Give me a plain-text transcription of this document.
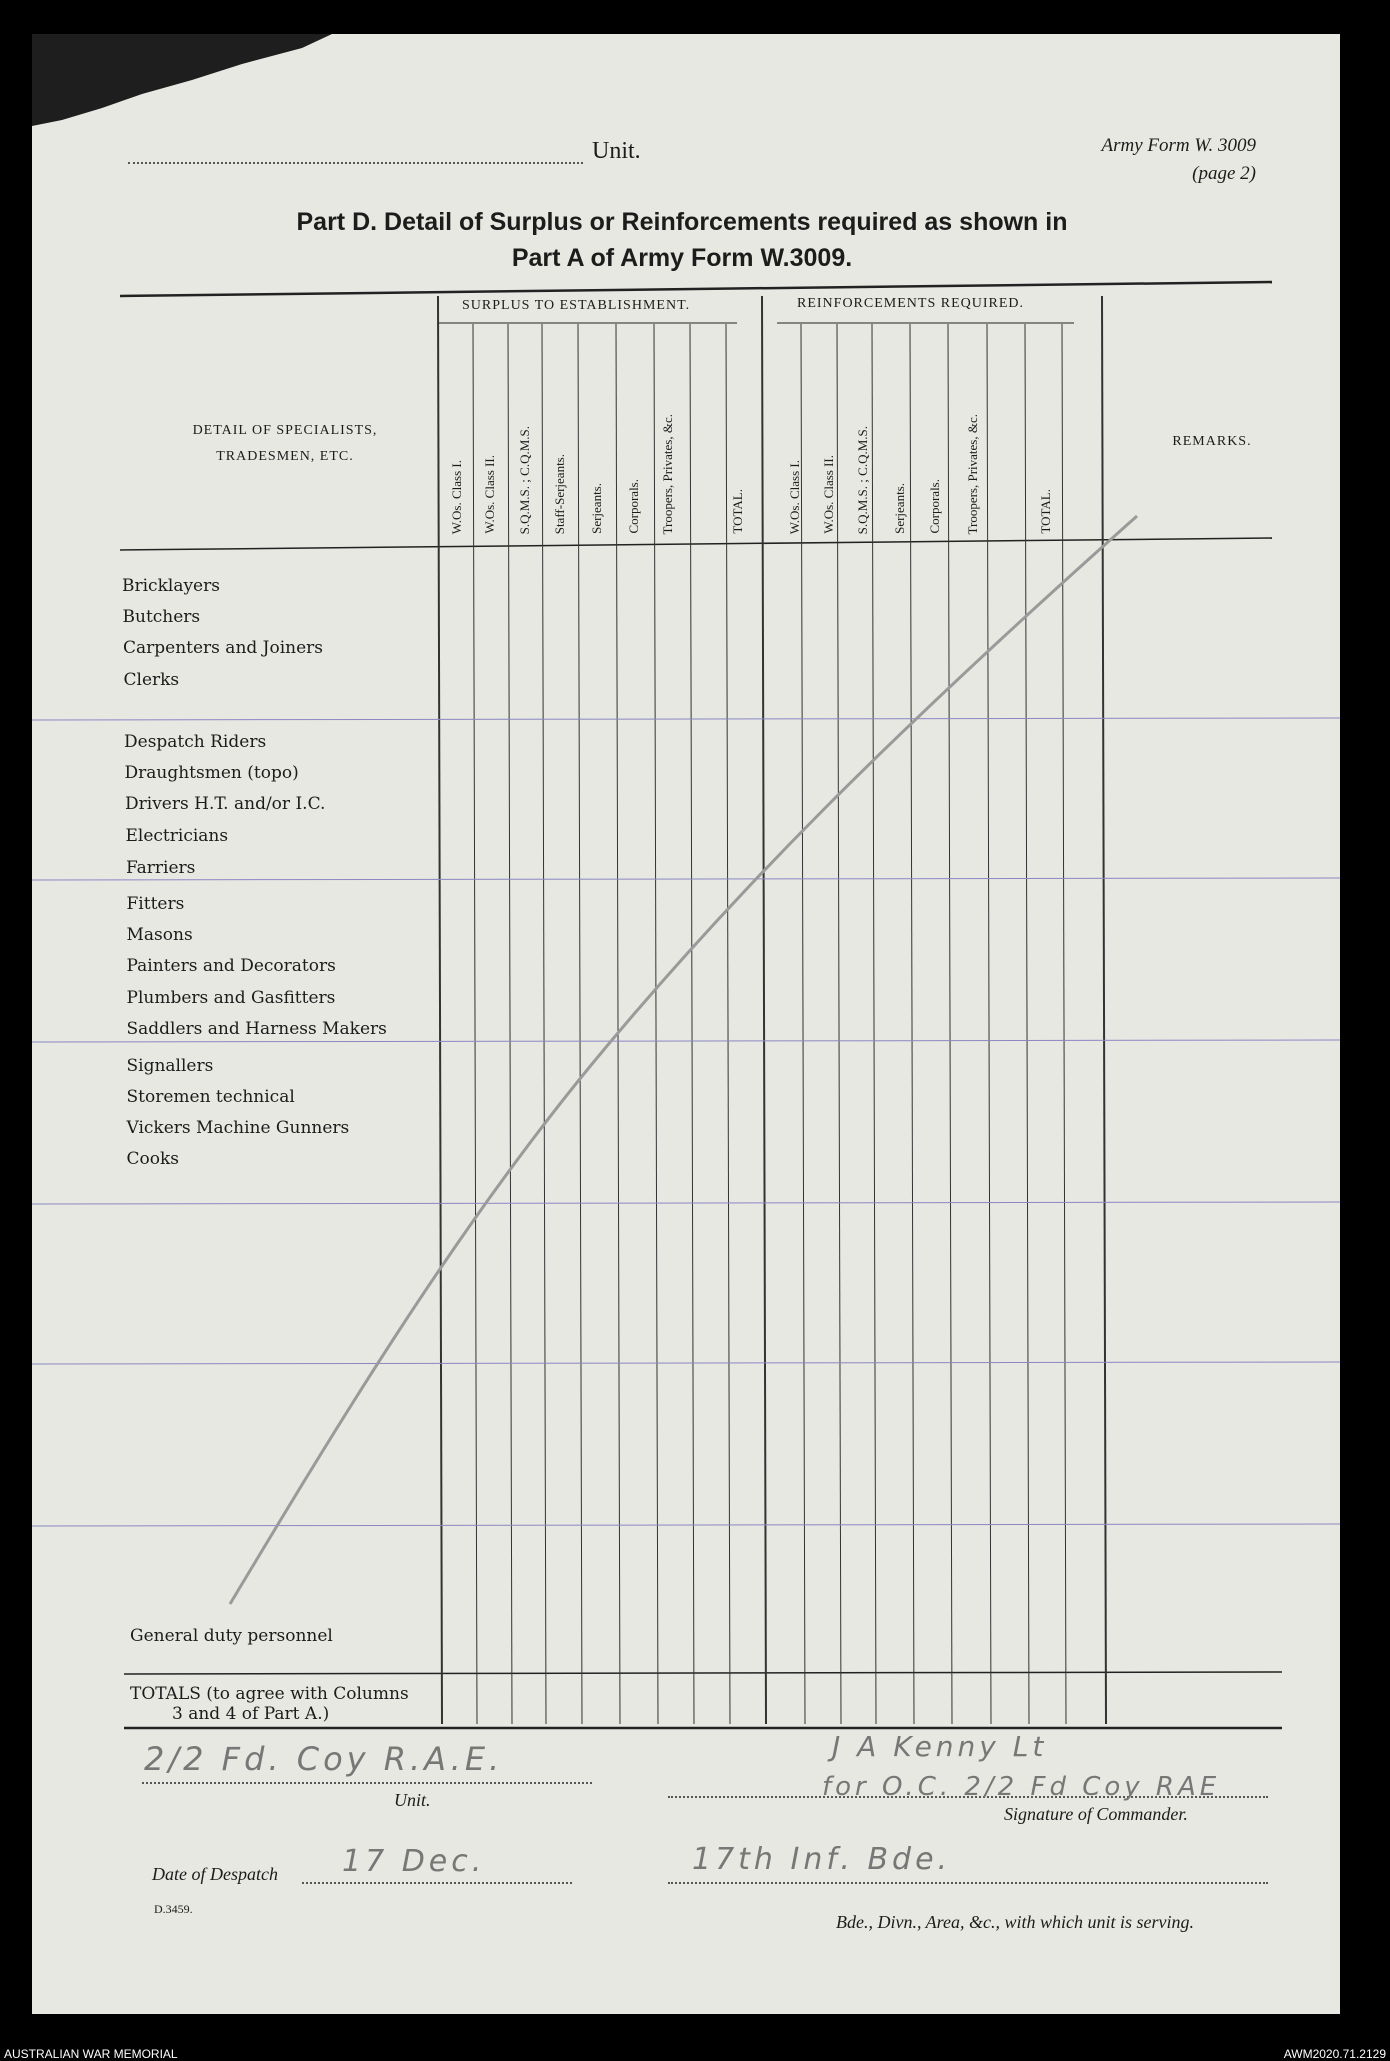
Unit.	Army Form W. 3009
(page 2)
Part D. Detail of Surplus or Reinforcements required as shown in
Part A of Army Form W.3009.
SURPLUS TO ESTABLISHMENT.	REINFORCEMENTS REQUIRED.
DETAIL OF SPECIALISTS,
TRADESMEN, ETC.
REMARKS.
W.Os. Class I. W.Os. Class II. S.Q.M.S. ; C.Q.M.S. Staff-Serjeants. Serjeants. Corporals. Troopers, Privates, &c.	TOTAL.	W.Os. Class I. W.Os. Class II. S.Q.M.S. ; C.Q.M.S. Serjeants. Corporals. Troopers, Privates, &c.	TOTAL.
Bricklayers
Butchers
Carpenters and Joiners
Clerks
Despatch Riders
Draughtsmen (topo)
Drivers H.T. and/or I.C.
Electricians
Farriers
Fitters
Masons
Painters and Decorators
Plumbers and Gasfitters
Saddlers and Harness Makers
Signallers
Storemen technical
Vickers Machine Gunners
Cooks
General duty personnel
TOTALS (to agree with Columns
3 and 4 of Part A.)
2/2 Fd. Coy R.A.E.
Unit.
J A Kenny Lt
for O.C. 2/2 Fd Coy RAE
Signature of Commander.
Date of Despatch 17 Dec.	17th Inf. Bde.
Bde., Divn., Area, &c., with which unit is serving.
D.3459.
AUSTRALIAN WAR MEMORIAL	AWM2020.71.2129
